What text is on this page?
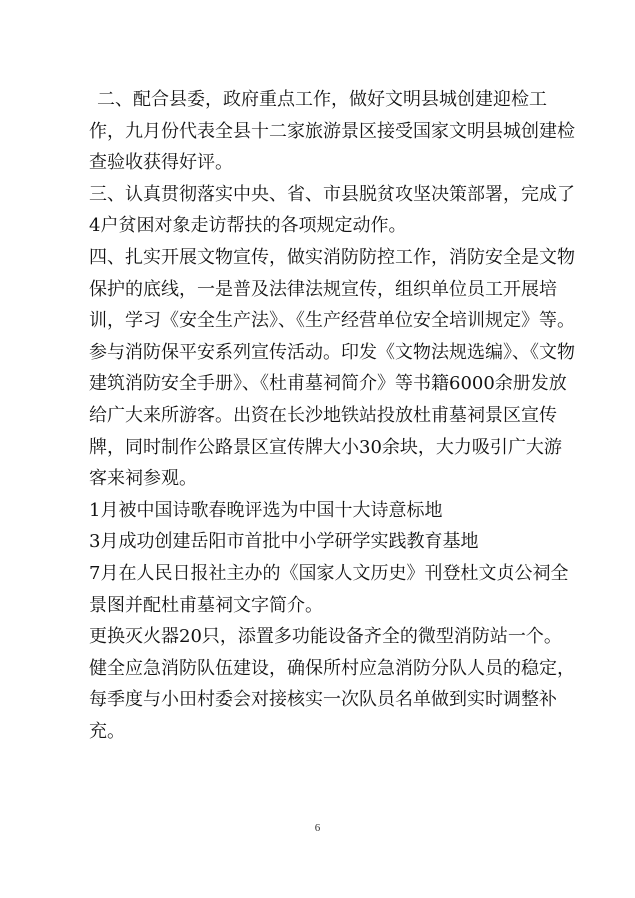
二、配合县委，政府重点工作，做好文明县城创建迎检工作，九月份代表全县十二家旅游景区接受国家文明县城创建检查验收获得好评。

三、认真贯彻落实中央、省、市县脱贫攻坚决策部署，完成了4户贫困对象走访帮扶的各项规定动作。

四、扎实开展文物宣传，做实消防防控工作，消防安全是文物保护的底线，一是普及法律法规宣传，组织单位员工开展培训，学习《安全生产法》、《生产经营单位安全培训规定》等。参与消防保平安系列宣传活动。印发《文物法规选编》、《文物建筑消防安全手册》、《杜甫墓祠简介》等书籍6000余册发放给广大来所游客。出资在长沙地铁站投放杜甫墓祠景区宣传牌，同时制作公路景区宣传牌大小30余块，大力吸引广大游客来祠参观。

1月被中国诗歌春晚评选为中国十大诗意标地

3月成功创建岳阳市首批中小学研学实践教育基地

7月在人民日报社主办的《国家人文历史》刊登杜文贞公祠全景图并配杜甫墓祠文字简介。

更换灭火器20只，添置多功能设备齐全的微型消防站一个。健全应急消防队伍建设，确保所村应急消防分队人员的稳定，每季度与小田村委会对接核实一次队员名单做到实时调整补充。

6
